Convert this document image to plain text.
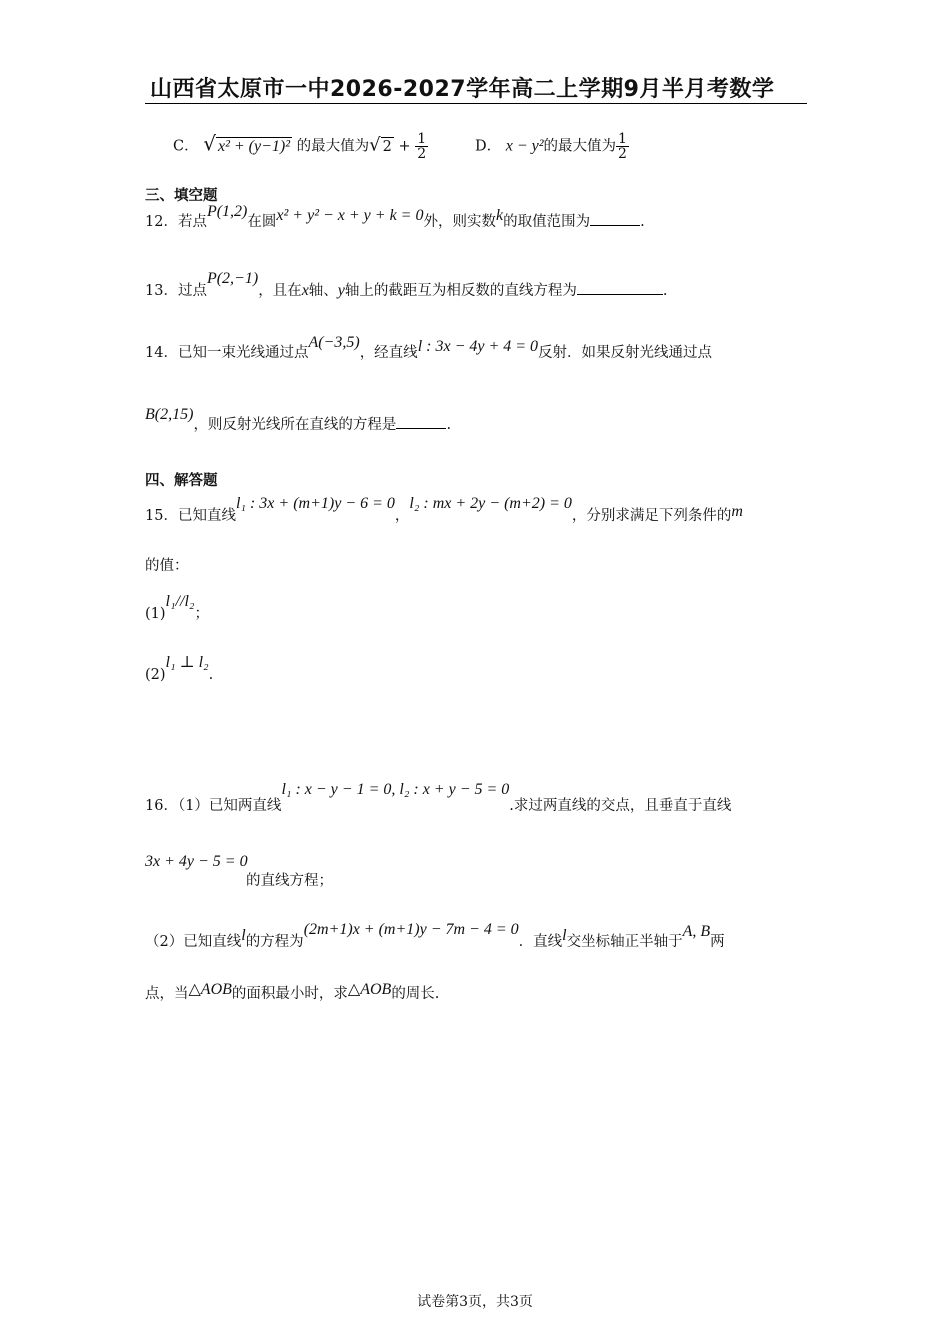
山西省太原市一中2026-2027学年高二上学期9月半月考数学
C． √ x² + (y−1)² 的最大值为√ $2 + \frac{1}{2}$	D． x − y²的最大值为 $\frac{1}{2}$
三、填空题
12．若点P(1,2)在圆x² + y² − x + y + k = 0外，则实数k的取值范围为	.
13．过点P(2,−1)，且在x轴、y轴上的截距互为相反数的直线方程为	.
14．已知一束光线通过点A(−3,5)，经直线l : 3x − 4y + 4 = 0反射．如果反射光线通过点
B(2,15)，则反射光线所在直线的方程是	.
四、解答题
15．已知直线l₁ : 3x + (m+1)y − 6 = 0，l₂ : mx + 2y − (m+2) = 0，分别求满足下列条件的m
的值：
(1)l₁//l₂；
(2)l₁ ⊥ l₂.
16．（1）已知两直线l₁ : x − y − 1 = 0, l₂ : x + y − 5 = 0.求过两直线的交点，且垂直于直线
3x + 4y − 5 = 0
的直线方程；
（2）已知直线l的方程为(2m+1)x + (m+1)y − 7m − 4 = 0．直线l交坐标轴正半轴于A, B两
点，当△AOB的面积最小时，求△AOB的周长.
试卷第3页，共3页
